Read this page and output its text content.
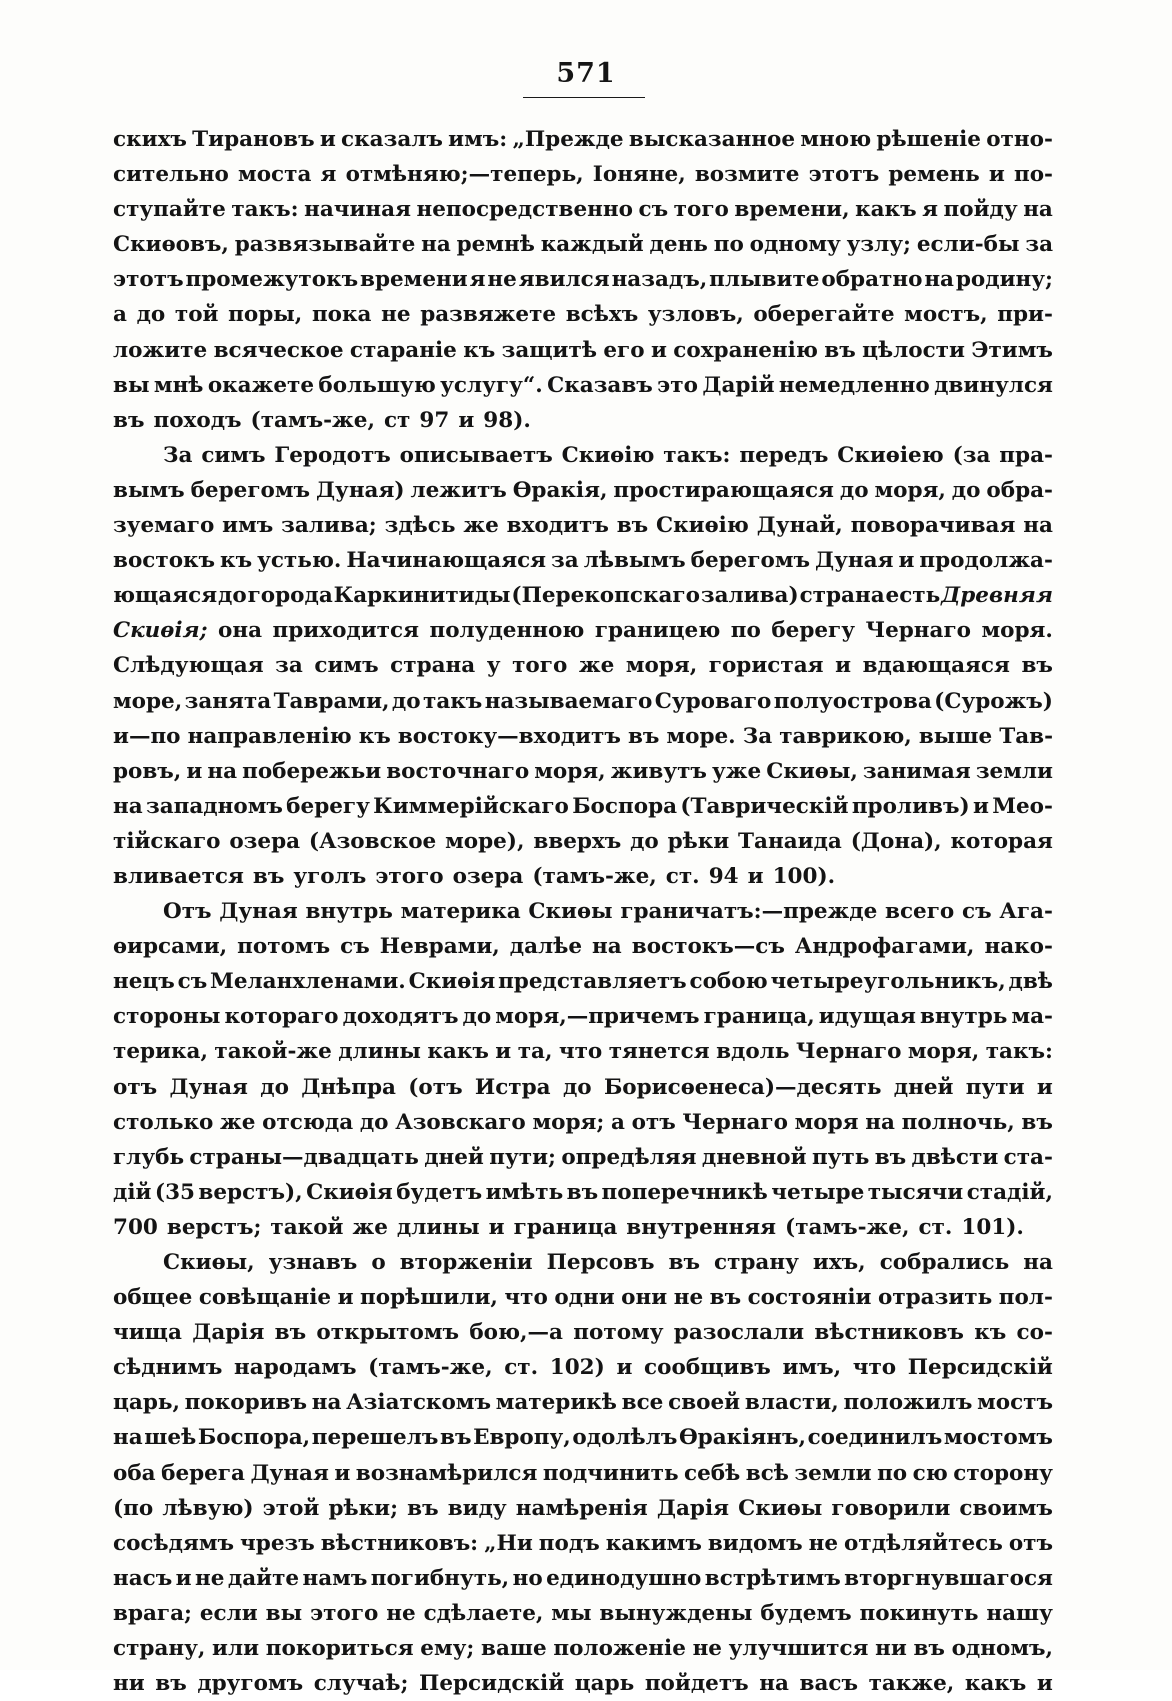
571
скихъ Тирановъ и сказалъ имъ: „Прежде высказанное мною рѣшеніе отно-
сительно моста я отмѣняю;—теперь, Іоняне, возмите этотъ ремень и по-
ступайте такъ: начиная непосредственно съ того времени, какъ я пойду на
Скиѳовъ, развязывайте на ремнѣ каждый день по одному узлу; если-бы за
этотъ промежутокъ времени я не явился назадъ, плывите обратно на родину;
а до той поры, пока не развяжете всѣхъ узловъ, оберегайте мостъ, при-
ложите всяческое стараніе къ защитѣ его и сохраненію въ цѣлости Этимъ
вы мнѣ окажете большую услугу“. Сказавъ это Дарій немедленно двинулся
въ походъ (тамъ-же, ст 97 и 98).
За симъ Геродотъ описываетъ Скиѳію такъ: передъ Скиѳіею (за пра-
вымъ берегомъ Дуная) лежитъ Ѳракія, простирающаяся до моря, до обра-
зуемаго имъ залива; здѣсь же входитъ въ Скиѳію Дунай, поворачивая на
востокъ къ устью. Начинающаяся за лѣвымъ берегомъ Дуная и продолжа-
ющаяся до города Каркинитиды (Перекопскаго залива) страна есть Древняя
Скиѳія; она приходится полуденною границею по берегу Чернаго моря.
Слѣдующая за симъ страна у того же моря, гористая и вдающаяся въ
море, занята Таврами, до такъ называемаго Суроваго полуострова (Сурожъ)
и—по направленію къ востоку—входитъ въ море. За таврикою, выше Тав-
ровъ, и на побережьи восточнаго моря, живутъ уже Скиѳы, занимая земли
на западномъ берегу Киммерійскаго Боспора (Таврическій проливъ) и Мео-
тійскаго озера (Азовское море), вверхъ до рѣки Танаида (Дона), которая
вливается въ уголъ этого озера (тамъ-же, ст. 94 и 100).
Отъ Дуная внутрь материка Скиѳы граничатъ:—прежде всего съ Ага-
ѳирсами, потомъ съ Неврами, далѣе на востокъ—съ Андрофагами, нако-
нецъ съ Меланхленами. Скиѳія представляетъ собою четыреугольникъ, двѣ
стороны котораго доходятъ до моря,—причемъ граница, идущая внутрь ма-
терика, такой-же длины какъ и та, что тянется вдоль Чернаго моря, такъ:
отъ Дуная до Днѣпра (отъ Истра до Борисѳенеса)—десять дней пути и
столько же отсюда до Азовскаго моря; а отъ Чернаго моря на полночь, въ
глубь страны—двадцать дней пути; опредѣляя дневной путь въ двѣсти ста-
дій (35 верстъ), Скиѳія будетъ имѣть въ поперечникѣ четыре тысячи стадій,
700 верстъ; такой же длины и граница внутренняя (тамъ-же, ст. 101).
Скиѳы, узнавъ о вторженіи Персовъ въ страну ихъ, собрались на
общее совѣщаніе и порѣшили, что одни они не въ состояніи отразить пол-
чища Дарія въ открытомъ бою,—а потому разослали вѣстниковъ къ со-
сѣднимъ народамъ (тамъ-же, ст. 102) и сообщивъ имъ, что Персидскій
царь, покоривъ на Азіатскомъ материкѣ все своей власти, положилъ мостъ
на шеѣ Боспора, перешелъ въ Европу, одолѣлъ Ѳракіянъ, соединилъ мостомъ
оба берега Дуная и вознамѣрился подчинить себѣ всѣ земли по сю сторону
(по лѣвую) этой рѣки; въ виду намѣренія Дарія Скиѳы говорили своимъ
сосѣдямъ чрезъ вѣстниковъ: „Ни подъ какимъ видомъ не отдѣляйтесь отъ
насъ и не дайте намъ погибнуть, но единодушно встрѣтимъ вторгнувшагося
врага; если вы этого не сдѣлаете, мы вынуждены будемъ покинуть нашу
страну, или покориться ему; ваше положеніе не улучшится ни въ одномъ,
ни въ другомъ случаѣ; Персидскій царь пойдетъ на васъ также, какъ и
